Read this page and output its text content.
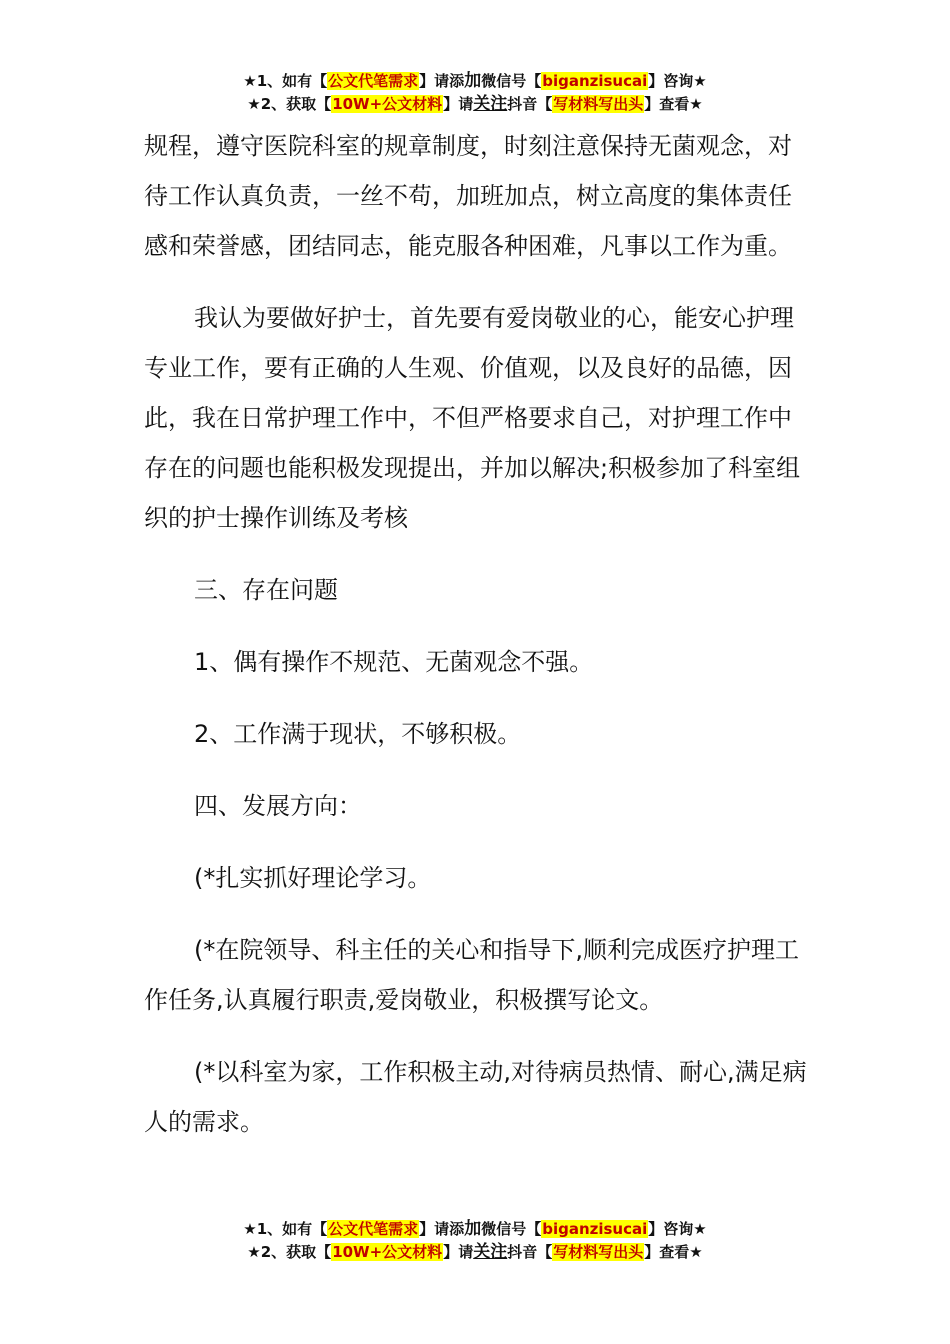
★1、如有【公文代笔需求】请添加微信号【biganzisucai】咨询★
★2、获取【10W+公文材料】请关注抖音【写材料写出头】查看★

规程，遵守医院科室的规章制度，时刻注意保持无菌观念，对待工作认真负责，一丝不苟，加班加点，树立高度的集体责任感和荣誉感，团结同志，能克服各种困难，凡事以工作为重。

我认为要做好护士，首先要有爱岗敬业的心，能安心护理专业工作，要有正确的人生观、价值观，以及良好的品德，因此，我在日常护理工作中，不但严格要求自己，对护理工作中存在的问题也能积极发现提出，并加以解决;积极参加了科室组织的护士操作训练及考核

三、存在问题

1、偶有操作不规范、无菌观念不强。

2、工作满于现状，不够积极。

四、发展方向：

(*扎实抓好理论学习。

(*在院领导、科主任的关心和指导下,顺利完成医疗护理工作任务,认真履行职责,爱岗敬业，积极撰写论文。

(*以科室为家，工作积极主动,对待病员热情、耐心,满足病人的需求。

★1、如有【公文代笔需求】请添加微信号【biganzisucai】咨询★
★2、获取【10W+公文材料】请关注抖音【写材料写出头】查看★
